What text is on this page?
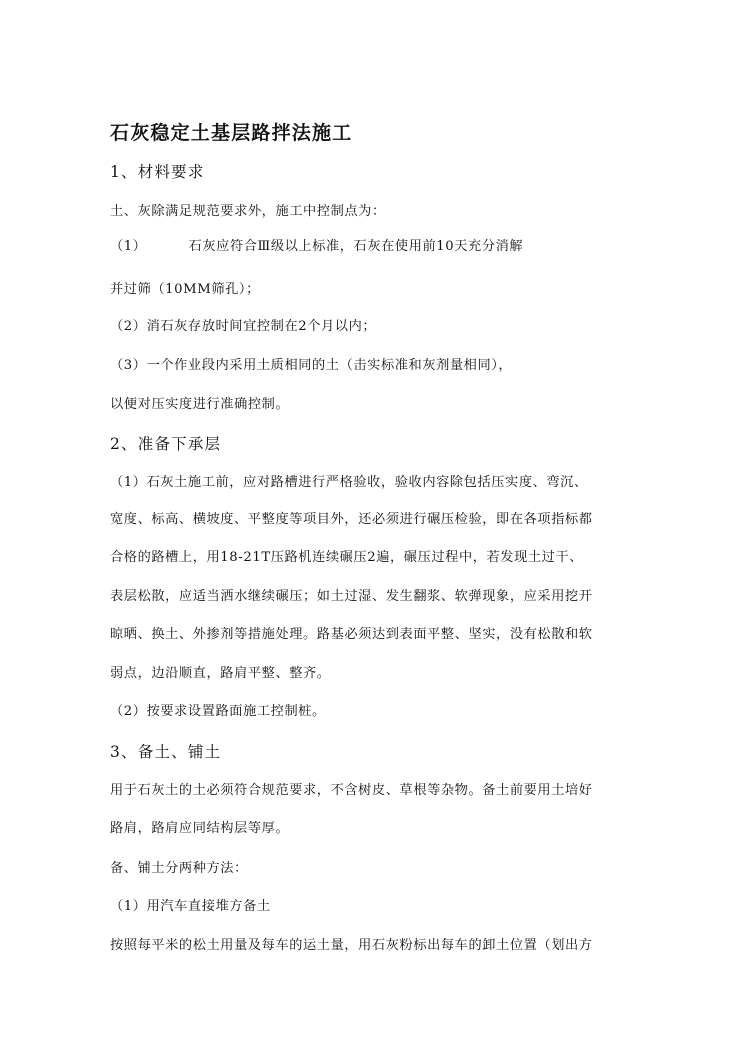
石灰稳定土基层路拌法施工
1、材料要求
土、灰除满足规范要求外，施工中控制点为：
（1）	石灰应符合Ⅲ级以上标准，石灰在使用前10天充分消解
并过筛（10MM筛孔）；
（2）消石灰存放时间宜控制在2个月以内；
（3）一个作业段内采用土质相同的土（击实标准和灰剂量相同），
以便对压实度进行准确控制。
2、准备下承层
（1）石灰土施工前，应对路槽进行严格验收，验收内容除包括压实度、弯沉、
宽度、标高、横坡度、平整度等项目外，还必须进行碾压检验，即在各项指标都
合格的路槽上，用18-21T压路机连续碾压2遍，碾压过程中，若发现土过干、
表层松散，应适当洒水继续碾压；如土过湿、发生翻浆、软弹现象，应采用挖开
晾晒、换土、外掺剂等措施处理。路基必须达到表面平整、坚实，没有松散和软
弱点，边沿顺直，路肩平整、整齐。
（2）按要求设置路面施工控制桩。
3、备土、铺土
用于石灰土的土必须符合规范要求，不含树皮、草根等杂物。备土前要用土培好
路肩，路肩应同结构层等厚。
备、铺土分两种方法：
（1）用汽车直接堆方备土
按照每平米的松土用量及每车的运土量，用石灰粉标出每车的卸土位置（划出方
